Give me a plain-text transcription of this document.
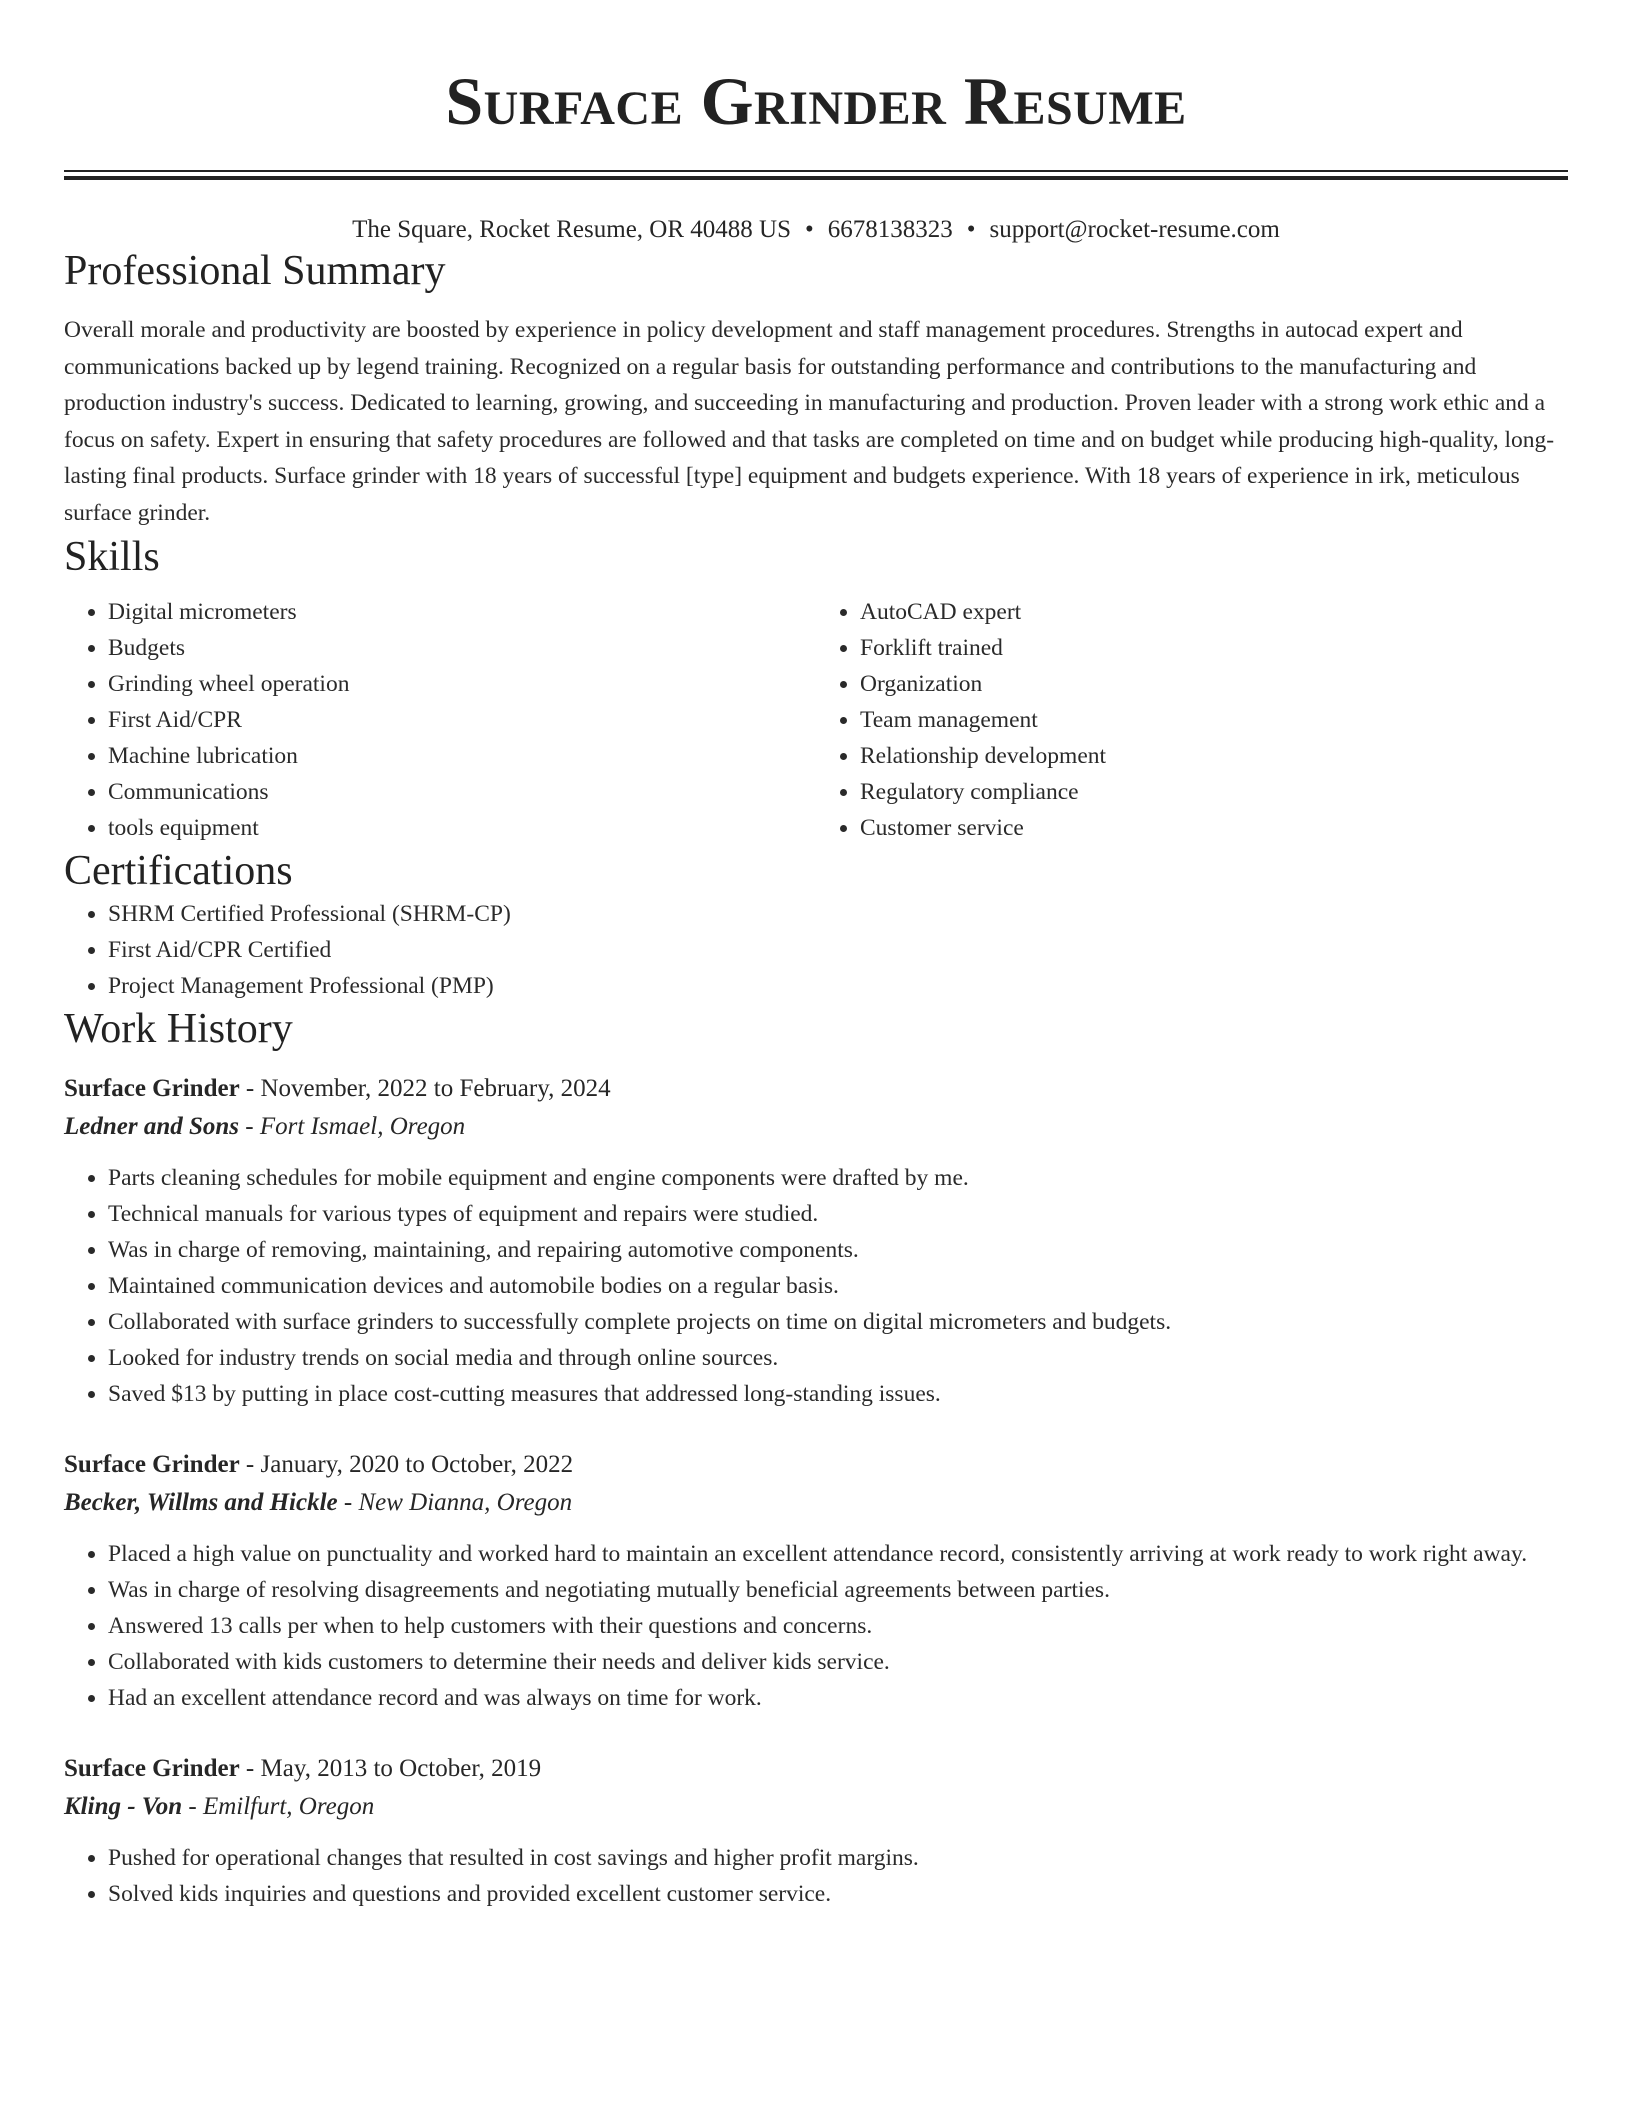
Surface Grinder Resume
The Square, Rocket Resume, OR 40488 US • 6678138323 • support@rocket-resume.com
Professional Summary

Overall morale and productivity are boosted by experience in policy development and staff management procedures. Strengths in autocad expert and communications backed up by legend training. Recognized on a regular basis for outstanding performance and contributions to the manufacturing and production industry's success. Dedicated to learning, growing, and succeeding in manufacturing and production. Proven leader with a strong work ethic and a focus on safety. Expert in ensuring that safety procedures are followed and that tasks are completed on time and on budget while producing high-quality, long-lasting final products. Surface grinder with 18 years of successful [type] equipment and budgets experience. With 18 years of experience in irk, meticulous surface grinder.

Skills
• Digital micrometers
• Budgets
• Grinding wheel operation
• First Aid/CPR
• Machine lubrication
• Communications
• tools equipment
• AutoCAD expert
• Forklift trained
• Organization
• Team management
• Relationship development
• Regulatory compliance
• Customer service
Certifications
• SHRM Certified Professional (SHRM-CP)
• First Aid/CPR Certified
• Project Management Professional (PMP)
Work History
Surface Grinder - November, 2022 to February, 2024
Ledner and Sons - Fort Ismael, Oregon
• Parts cleaning schedules for mobile equipment and engine components were drafted by me.
• Technical manuals for various types of equipment and repairs were studied.
• Was in charge of removing, maintaining, and repairing automotive components.
• Maintained communication devices and automobile bodies on a regular basis.
• Collaborated with surface grinders to successfully complete projects on time on digital micrometers and budgets.
• Looked for industry trends on social media and through online sources.
• Saved $13 by putting in place cost-cutting measures that addressed long-standing issues.
Surface Grinder - January, 2020 to October, 2022
Becker, Willms and Hickle - New Dianna, Oregon
• Placed a high value on punctuality and worked hard to maintain an excellent attendance record, consistently arriving at work ready to work right away.
• Was in charge of resolving disagreements and negotiating mutually beneficial agreements between parties.
• Answered 13 calls per when to help customers with their questions and concerns.
• Collaborated with kids customers to determine their needs and deliver kids service.
• Had an excellent attendance record and was always on time for work.
Surface Grinder - May, 2013 to October, 2019
Kling - Von - Emilfurt, Oregon
• Pushed for operational changes that resulted in cost savings and higher profit margins.
• Solved kids inquiries and questions and provided excellent customer service.
